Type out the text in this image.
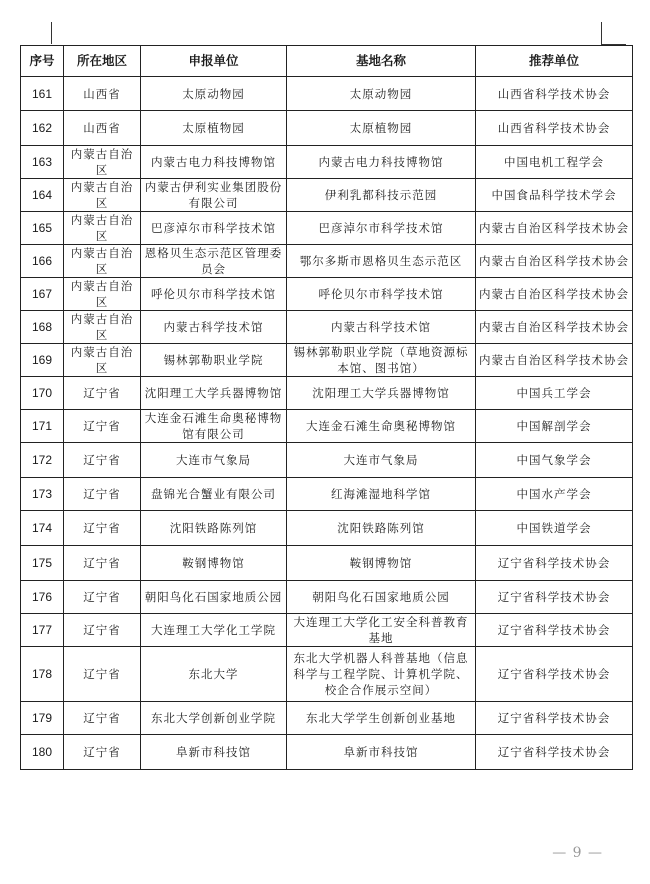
序号	所在地区	申报单位	基地名称	推荐单位
161	山西省	太原动物园	太原动物园	山西省科学技术协会
162	山西省	太原植物园	太原植物园	山西省科学技术协会
163	内蒙古自治区	内蒙古电力科技博物馆	内蒙古电力科技博物馆	中国电机工程学会
164	内蒙古自治区	内蒙古伊利实业集团股份有限公司	伊利乳都科技示范园	中国食品科学技术学会
165	内蒙古自治区	巴彦淖尔市科学技术馆	巴彦淖尔市科学技术馆	内蒙古自治区科学技术协会
166	内蒙古自治区	恩格贝生态示范区管理委员会	鄂尔多斯市恩格贝生态示范区	内蒙古自治区科学技术协会
167	内蒙古自治区	呼伦贝尔市科学技术馆	呼伦贝尔市科学技术馆	内蒙古自治区科学技术协会
168	内蒙古自治区	内蒙古科学技术馆	内蒙古科学技术馆	内蒙古自治区科学技术协会
169	内蒙古自治区	锡林郭勒职业学院	锡林郭勒职业学院（草地资源标本馆、图书馆）	内蒙古自治区科学技术协会
170	辽宁省	沈阳理工大学兵器博物馆	沈阳理工大学兵器博物馆	中国兵工学会
171	辽宁省	大连金石滩生命奥秘博物馆有限公司	大连金石滩生命奥秘博物馆	中国解剖学会
172	辽宁省	大连市气象局	大连市气象局	中国气象学会
173	辽宁省	盘锦光合蟹业有限公司	红海滩湿地科学馆	中国水产学会
174	辽宁省	沈阳铁路陈列馆	沈阳铁路陈列馆	中国铁道学会
175	辽宁省	鞍钢博物馆	鞍钢博物馆	辽宁省科学技术协会
176	辽宁省	朝阳鸟化石国家地质公园	朝阳鸟化石国家地质公园	辽宁省科学技术协会
177	辽宁省	大连理工大学化工学院	大连理工大学化工安全科普教育基地	辽宁省科学技术协会
178	辽宁省	东北大学	东北大学机器人科普基地（信息科学与工程学院、计算机学院、校企合作展示空间）	辽宁省科学技术协会
179	辽宁省	东北大学创新创业学院	东北大学学生创新创业基地	辽宁省科学技术协会
180	辽宁省	阜新市科技馆	阜新市科技馆	辽宁省科学技术协会
— 9 —
